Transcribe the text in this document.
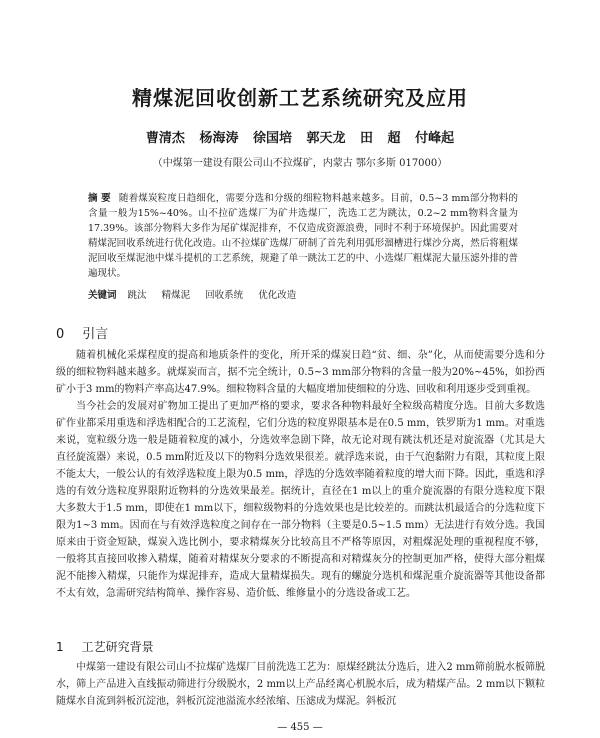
精煤泥回收创新工艺系统研究及应用
曹清杰 杨海涛 徐国培 郭天龙 田 超 付峰起
（中煤第一建设有限公司山不拉煤矿，内蒙古 鄂尔多斯 017000）
摘 要 随着煤炭粒度日趋细化，需要分选和分级的细粒物料越来越多。目前，0.5~3 mm部分物料的含量一般为15%~40%。山不拉矿选煤厂为矿井选煤厂，洗选工艺为跳汰，0.2~2 mm物料含量为17.39%。该部分物料大多作为尾矿煤泥排弃，不仅造成资源浪费，同时不利于环境保护。因此需要对精煤泥回收系统进行优化改造。山不拉煤矿选煤厂研制了首先利用弧形溜槽进行煤沙分离，然后将粗煤泥回收至煤泥池中煤斗提机的工艺系统，规避了单一跳汰工艺的中、小选煤厂粗煤泥大量压滤外排的普遍现状。
关键词 跳汰 精煤泥 回收系统 优化改造
0 引言

随着机械化采煤程度的提高和地质条件的变化，所开采的煤炭日趋“贫、细、杂”化，从而使需要分选和分级的细粒物料越来越多。就煤炭而言，据不完全统计，0.5~3 mm部分物料的含量一般为20%~45%，如扮西矿小于3 mm的物料产率高达47.9%。细粒物料含量的大幅度增加使细粒的分选、回收和利用逐步受到重视。

当今社会的发展对矿物加工提出了更加严格的要求，要求各种物料最好全粒级高精度分选。目前大多数选矿作业都采用重选和浮选相配合的工艺流程，它们分选的粒度界限基本是在0.5 mm，铁罗斯为1 mm。对重选来说，宽粒级分选一般是随着粒度的减小，分选效率急剧下降，故无论对现有跳汰机还是对旋流器（尤其是大直径旋流器）来说，0.5 mm附近及以下的物料分选效果很差。就浮选来说，由于气泡黏附力有限，其粒度上限不能太大，一般公认的有效浮选粒度上限为0.5 mm，浮选的分选效率随着粒度的增大而下降。因此，重选和浮选的有效分选粒度界限附近物料的分选效果最差。据统计，直径在1 m以上的重介旋流器的有限分选粒度下限大多数大于1.5 mm，即使在1 mm以下，细粒级物料的分选效果也是比较差的。而跳汰机最适合的分选粒度下限为1~3 mm。因而在与有效浮选粒度之间存在一部分物料（主要是0.5~1.5 mm）无法进行有效分选。我国原来由于资金短缺，煤炭入选比例小，要求精煤灰分比较高且不严格等原因，对粗煤泥处理的重视程度不够，一般将其直接回收掺入精煤，随着对精煤灰分要求的不断提高和对精煤灰分的控制更加严格，使得大部分粗煤泥不能掺入精煤，只能作为煤泥排弃，造成大量精煤损失。现有的螺旋分选机和煤泥重介旋流器等其他设备都不太有效，急需研究结构简单、操作容易、造价低、维修量小的分选设备或工艺。

1 工艺研究背景

中煤第一建设有限公司山不拉煤矿选煤厂目前洗选工艺为：原煤经跳汰分选后，进入2 mm筛前脱水板筛脱水，筛上产品进入直线振动筛进行分级脱水，2 mm以上产品经离心机脱水后，成为精煤产品。2 mm以下颗粒随煤水自流到斜板沉淀池，斜板沉淀池溢流水经浓缩、压滤成为煤泥。斜板沉

— 455 —
